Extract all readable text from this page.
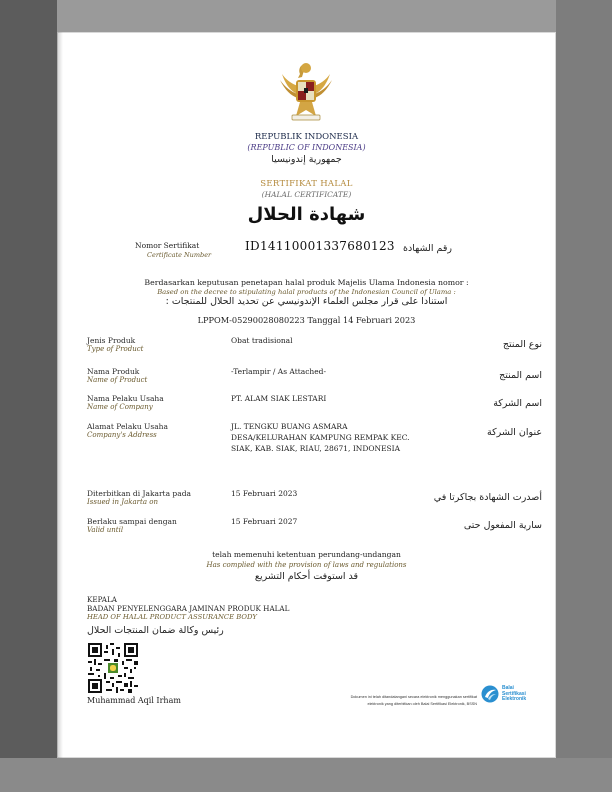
REPUBLIK INDONESIA
(REPUBLIC OF INDONESIA)
جمهورية إندونيسيا
SERTIFIKAT HALAL
(HALAL CERTIFICATE)
شهادة الحلال
Nomor Sertifikat
Certificate Number
ID14110001337680123 رقم الشهادة
Berdasarkan keputusan penetapan halal produk Majelis Ulama Indonesia nomor :
Based on the decree to stipulating halal products of the Indonesian Council of Ulama :
استنادا على قرار مجلس العلماء الإندونيسي عن تحديد الحلال للمنتجات :
LPPOM-05290028080223 Tanggal 14 Februari 2023
Jenis Produk
Type of Product
Obat tradisional	نوع المنتج
Nama Produk
Name of Product
-Terlampir / As Attached-	اسم المنتج
Nama Pelaku Usaha
Name of Company
PT. ALAM SIAK LESTARI	اسم الشركة
Alamat Pelaku Usaha
Company's Address
JL. TENGKU BUANG ASMARA
DESA/KELURAHAN KAMPUNG REMPAK KEC.
SIAK, KAB. SIAK, RIAU, 28671, INDONESIA
عنوان الشركة
Diterbitkan di Jakarta pada
Issued in Jakarta on
15 Februari 2023	أصدرت الشهادة بجاكرتا في
Berlaku sampai dengan
Valid until
15 Februari 2027	سارية المفعول حتى
telah memenuhi ketentuan perundang-undangan
Has complied with the provision of laws and regulations
قد استوفت أحكام التشريع
KEPALA
BADAN PENYELENGGARA JAMINAN PRODUK HALAL
HEAD OF HALAL PRODUCT ASSURANCE BODY
رئيس وكالة ضمان المنتجات الحلال
Muhammad Aqil Irham	Dokumen ini telah ditandatangani secara elektronik menggunakan sertifikat
elektronik yang diterbitkan oleh Balai Sertifikasi Elektronik, BSSN
Balai
Sertifikasi
Elektronik
